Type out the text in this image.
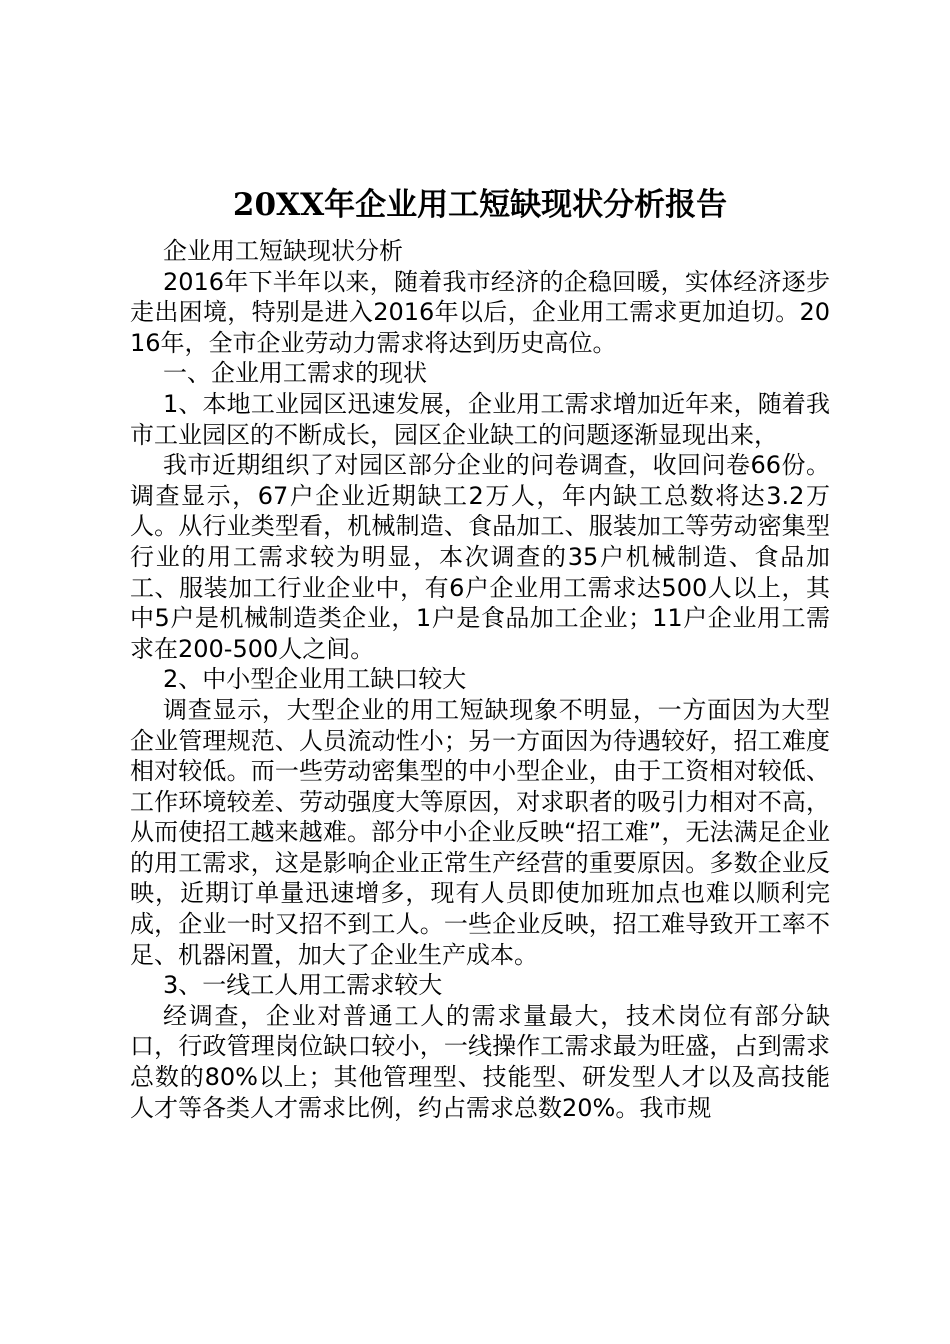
20XX年企业用工短缺现状分析报告

企业用工短缺现状分析

2016年下半年以来，随着我市经济的企稳回暖，实体经济逐步走出困境，特别是进入2016年以后，企业用工需求更加迫切。2016年，全市企业劳动力需求将达到历史高位。

一、企业用工需求的现状

1、本地工业园区迅速发展，企业用工需求增加近年来，随着我市工业园区的不断成长，园区企业缺工的问题逐渐显现出来，

我市近期组织了对园区部分企业的问卷调查，收回问卷66份。调查显示，67户企业近期缺工2万人，年内缺工总数将达3.2万人。从行业类型看，机械制造、食品加工、服装加工等劳动密集型行业的用工需求较为明显，本次调查的35户机械制造、食品加工、服装加工行业企业中，有6户企业用工需求达500人以上，其中5户是机械制造类企业，1户是食品加工企业；11户企业用工需求在200-500人之间。

2、中小型企业用工缺口较大

调查显示，大型企业的用工短缺现象不明显，一方面因为大型企业管理规范、人员流动性小；另一方面因为待遇较好，招工难度相对较低。而一些劳动密集型的中小型企业，由于工资相对较低、工作环境较差、劳动强度大等原因，对求职者的吸引力相对不高，从而使招工越来越难。部分中小企业反映“招工难”，无法满足企业的用工需求，这是影响企业正常生产经营的重要原因。多数企业反映，近期订单量迅速增多，现有人员即使加班加点也难以顺利完成，企业一时又招不到工人。一些企业反映，招工难导致开工率不足、机器闲置，加大了企业生产成本。

3、一线工人用工需求较大

经调查，企业对普通工人的需求量最大，技术岗位有部分缺口，行政管理岗位缺口较小，一线操作工需求最为旺盛，占到需求总数的80%以上；其他管理型、技能型、研发型人才以及高技能人才等各类人才需求比例，约占需求总数20%。我市规
